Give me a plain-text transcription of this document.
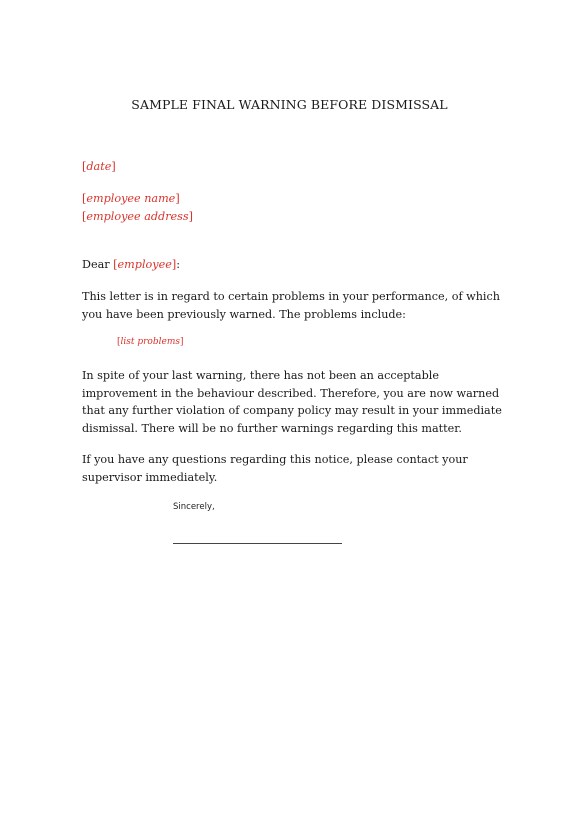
SAMPLE FINAL WARNING BEFORE DISMISSAL
[date]
[employee name]
[employee address]
Dear [employee]:
This letter is in regard to certain problems in your performance, of which you have been previously warned. The problems include:
[list problems]
In spite of your last warning, there has not been an acceptable improvement in the behaviour described. Therefore, you are now warned that any further violation of company policy may result in your immediate dismissal. There will be no further warnings regarding this matter.
If you have any questions regarding this notice, please contact your supervisor immediately.
Sincerely,
